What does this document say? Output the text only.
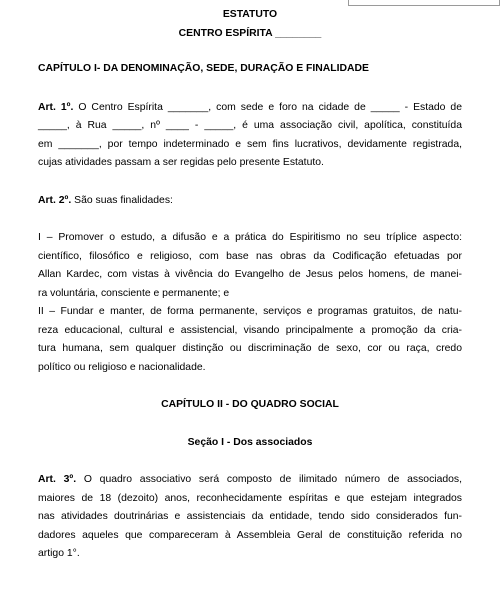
ESTATUTO

CENTRO ESPÍRITA ________

CAPÍTULO I- DA DENOMINAÇÃO, SEDE, DURAÇÃO E FINALIDADE

Art. 1º. O Centro Espírita _______, com sede e foro na cidade de _____ - Estado de

_____, à Rua _____, nº ____ - _____, é uma associação civil, apolítica, constituída

em _______, por tempo indeterminado e sem fins lucrativos, devidamente registrada,

cujas atividades passam a ser regidas pelo presente Estatuto.

Art. 2º. São suas finalidades:

I – Promover o estudo, a difusão e a prática do Espiritismo no seu tríplice aspecto:

científico, filosófico e religioso, com base nas obras da Codificação efetuadas por

Allan Kardec, com vistas à vivência do Evangelho de Jesus pelos homens, de manei-

ra voluntária, consciente e permanente; e

II – Fundar e manter, de forma permanente, serviços e programas gratuitos, de natu-

reza educacional, cultural e assistencial, visando principalmente a promoção da cria-

tura humana, sem qualquer distinção ou discriminação de sexo, cor ou raça, credo

político ou religioso e nacionalidade.

CAPÍTULO II - DO QUADRO SOCIAL

Seção I - Dos associados

Art. 3º. O quadro associativo será composto de ilimitado número de associados,

maiores de 18 (dezoito) anos, reconhecidamente espíritas e que estejam integrados

nas atividades doutrinárias e assistenciais da entidade, tendo sido considerados fun-

dadores aqueles que compareceram à Assembleia Geral de constituição referida no

artigo 1°.
